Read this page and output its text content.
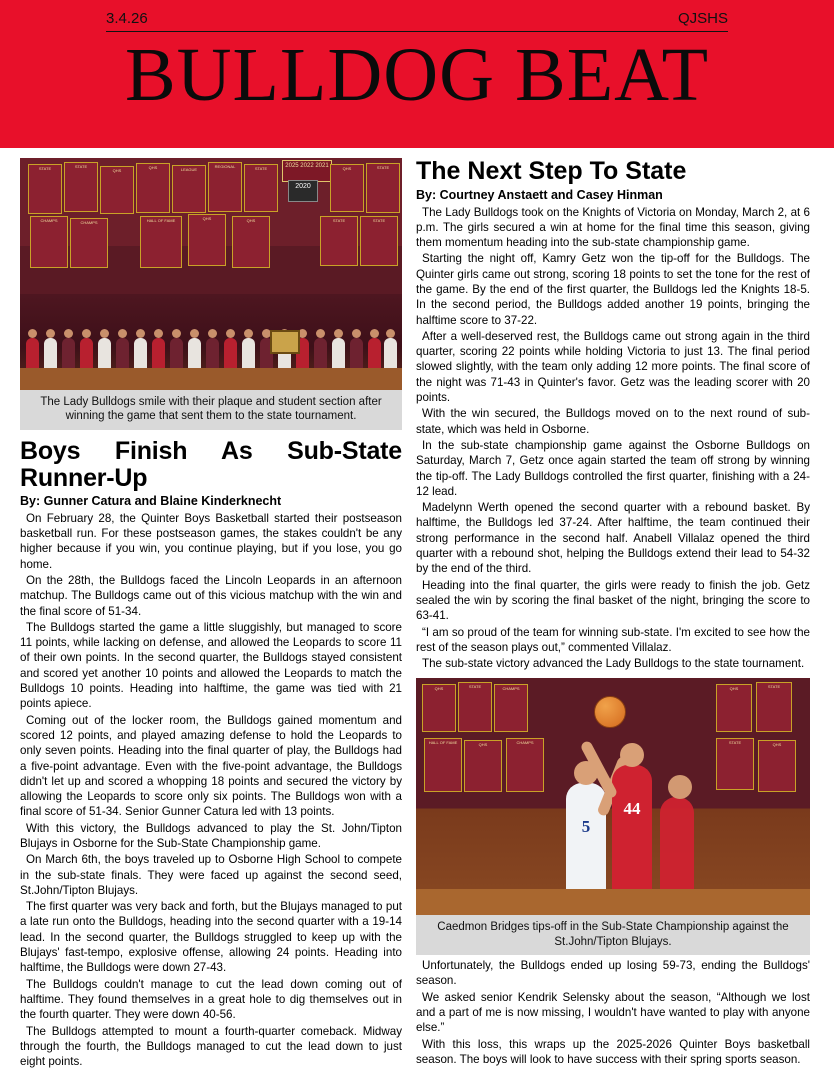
3.4.26	QJSHS
BULLDOG BEAT
STATE	STATE
QHS
QHS	LEAGUE
REGIONAL	STATE	2025 2022 2021
2020
QHS	STATE
CHAMPS	CHAMPS	HALL OF FAME	QHS	QHS	STATE	STATE
The Lady Bulldogs smile with their plaque and student section after winning the game that sent them to the state tournament.
Boys Finish As Sub-State Runner-Up
By: Gunner Catura and Blaine Kinderknecht

On February 28, the Quinter Boys Basketball started their postseason basketball run. For these postseason games, the stakes couldn't be any higher because if you win, you continue playing, but if you lose, you go home.

On the 28th, the Bulldogs faced the Lincoln Leopards in an afternoon matchup. The Bulldogs came out of this vicious matchup with the win and the final score of 51-34.

The Bulldogs started the game a little sluggishly, but managed to score 11 points, while lacking on defense, and allowed the Leopards to score 11 of their own points. In the second quarter, the Bulldogs stayed consistent and scored yet another 10 points and allowed the Leopards to match the Bulldogs 10 points. Heading into halftime, the game was tied with 21 points apiece.

Coming out of the locker room, the Bulldogs gained momentum and scored 12 points, and played amazing defense to hold the Leopards to only seven points. Heading into the final quarter of play, the Bulldogs had a five-point advantage. Even with the five-point advantage, the Bulldogs didn't let up and scored a whopping 18 points and secured the victory by allowing the Leopards to score only six points. The Bulldogs won with a final score of 51-34. Senior Gunner Catura led with 13 points.

With this victory, the Bulldogs advanced to play the St. John/Tipton Blujays in Osborne for the Sub-State Championship game.

On March 6th, the boys traveled up to Osborne High School to compete in the sub-state finals. They were faced up against the second seed, St.John/Tipton Blujays.

The first quarter was very back and forth, but the Blujays managed to put a late run onto the Bulldogs, heading into the second quarter with a 19-14 lead. In the second quarter, the Bulldogs struggled to keep up with the Blujays' fast-tempo, explosive offense, allowing 24 points. Heading into halftime, the Bulldogs were down 27-43.

The Bulldogs couldn't manage to cut the lead down coming out of halftime. They found themselves in a great hole to dig themselves out in the fourth quarter. They were down 40-56.

The Bulldogs attempted to mount a fourth-quarter comeback. Midway through the fourth, the Bulldogs managed to cut the lead down to just eight points.

The Next Step To State
By: Courtney Anstaett and Casey Hinman

The Lady Bulldogs took on the Knights of Victoria on Monday, March 2, at 6 p.m. The girls secured a win at home for the final time this season, giving them momentum heading into the sub-state championship game.

Starting the night off, Kamry Getz won the tip-off for the Bulldogs. The Quinter girls came out strong, scoring 18 points to set the tone for the rest of the game. By the end of the first quarter, the Bulldogs led the Knights 18-5. In the second period, the Bulldogs added another 19 points, bringing the halftime score to 37-22.

After a well-deserved rest, the Bulldogs came out strong again in the third quarter, scoring 22 points while holding Victoria to just 13. The final period slowed slightly, with the team only adding 12 more points. The final score of the night was 71-43 in Quinter's favor. Getz was the leading scorer with 20 points.

With the win secured, the Bulldogs moved on to the next round of sub-state, which was held in Osborne.

In the sub-state championship game against the Osborne Bulldogs on Saturday, March 7, Getz once again started the team off strong by winning the tip-off. The Lady Bulldogs controlled the first quarter, finishing with a 24-12 lead.

Madelynn Werth opened the second quarter with a rebound basket. By halftime, the Bulldogs led 37-24. After halftime, the team continued their strong performance in the second half. Anabell Villalaz opened the third quarter with a rebound shot, helping the Bulldogs extend their lead to 54-32 by the end of the third.

Heading into the final quarter, the girls were ready to finish the job. Getz sealed the win by scoring the final basket of the night, bringing the score to 63-41.

“I am so proud of the team for winning sub-state. I'm excited to see how the rest of the season plays out,” commented Villalaz.

The sub-state victory advanced the Lady Bulldogs to the state tournament.

QHS	STATE	CHAMPS	QHS	STATE
HALL OF FAME	QHS	CHAMPS	STATE	QHS
5
44
Caedmon Bridges tips-off in the Sub-State Championship against the St.John/Tipton Blujays.

Unfortunately, the Bulldogs ended up losing 59-73, ending the Bulldogs' season.

We asked senior Kendrik Selensky about the season, “Although we lost and a part of me is now missing, I wouldn't have wanted to play with anyone else.”

With this loss, this wraps up the 2025-2026 Quinter Boys basketball season. The boys will look to have success with their spring sports season.
